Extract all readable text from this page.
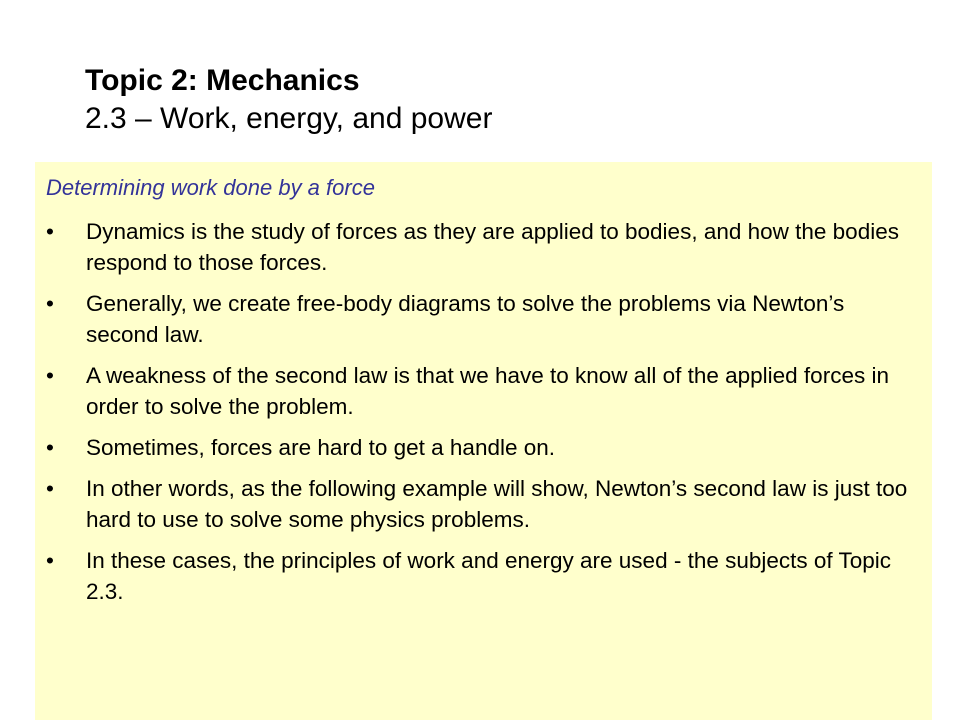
Topic 2: Mechanics
2.3 – Work, energy, and power
Determining work done by a force
•	Dynamics is the study of forces as they are applied to bodies, and how the bodies respond to those forces.
•	Generally, we create free-body diagrams to solve the problems via Newton’s second law.
•	A weakness of the second law is that we have to know all of the applied forces in order to solve the problem.
•	Sometimes, forces are hard to get a handle on.
•	In other words, as the following example will show, Newton’s second law is just too hard to use to solve some physics problems.
•	In these cases, the principles of work and energy are used - the subjects of Topic 2.3.
